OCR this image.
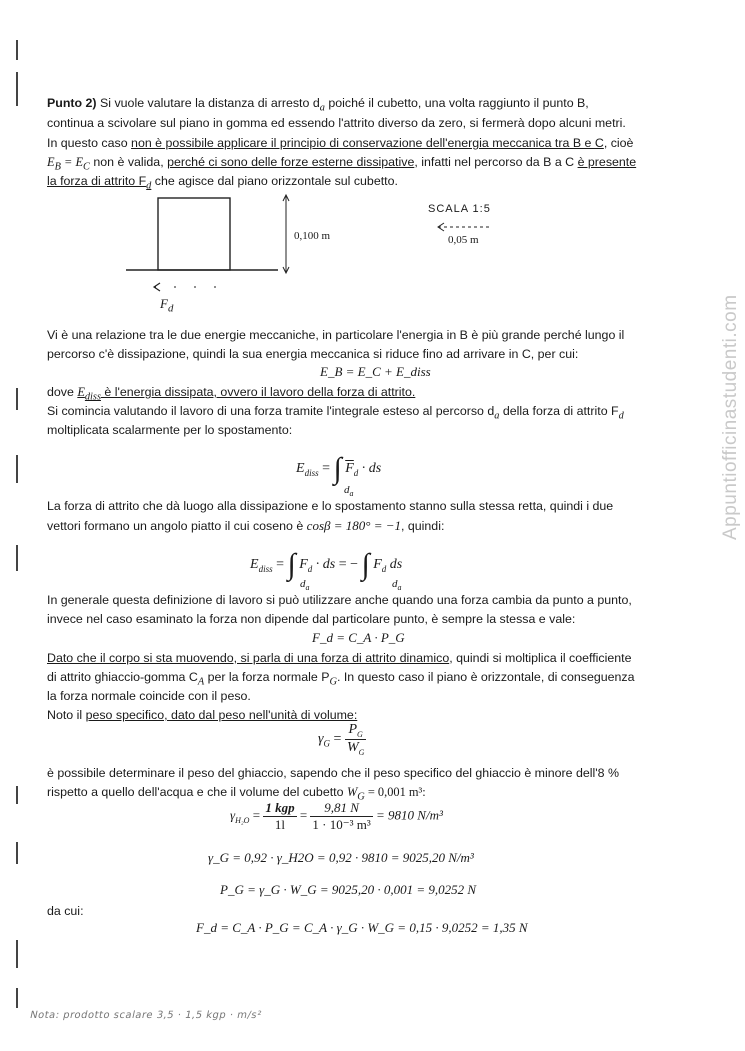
Appuntiofficinastudenti.com
Punto 2) Si vuole valutare la distanza di arresto $d_a$ poiché il cubetto, una volta raggiunto il punto B,
continua a scivolare sul piano in gomma ed essendo l'attrito diverso da zero, si fermerà dopo alcuni metri.
In questo caso non è possibile applicare il principio di conservazione dell'energia meccanica tra B e C, cioè
$E_B = E_C$ non è valida, perché ci sono delle forze esterne dissipative, infatti nel percorso da B a C è presente
la forza di attrito $F_d$ che agisce dal piano orizzontale sul cubetto.
0,100 m
$F_d$
SCALA 1:5
0,05 m
Vi è una relazione tra le due energie meccaniche, in particolare l'energia in B è più grande perché lungo il
percorso c'è dissipazione, quindi la sua energia meccanica si riduce fino ad arrivare in C, per cui:
E_B = E_C + E_diss
dove $E_{diss}$ è l'energia dissipata, ovvero il lavoro della forza di attrito.
Si comincia valutando il lavoro di una forza tramite l'integrale esteso al percorso $d_a$ della forza di attrito $F_d$
moltiplicata scalarmente per lo spostamento:
$E_{diss}$ = ∫ $\overline{F}_d$ · ds
$d_a$
La forza di attrito che dà luogo alla dissipazione e lo spostamento stanno sulla stessa retta, quindi i due
vettori formano un angolo piatto il cui coseno è cosβ = 180° = −1, quindi:
$E_{diss}$ = ∫ $F_d$ · ds = − ∫ $F_d$ ds
$d_a$	$d_a$
In generale questa definizione di lavoro si può utilizzare anche quando una forza cambia da punto a punto,
invece nel caso esaminato la forza non dipende dal particolare punto, è sempre la stessa e vale:
F_d = C_A · P_G
Dato che il corpo si sta muovendo, si parla di una forza di attrito dinamico, quindi si moltiplica il coefficiente
di attrito ghiaccio-gomma $C_A$ per la forza normale $P_G$. In questo caso il piano è orizzontale, di conseguenza
la forza normale coincide con il peso.
Noto il peso specifico, dato dal peso nell'unità di volume:
$\gamma_G = \frac{P_G}{W_G}$
è possibile determinare il peso del ghiaccio, sapendo che il peso specifico del ghiaccio è minore dell'8 %
rispetto a quello dell'acqua e che il volume del cubetto $W_G = 0,001$ m³:
$\gamma_{H_2O} = \frac{\text{1 kgp}}{1l} = \frac{9,81 N}{\text{1 · 10⁻³ m³}} = 9810$ N/m³
γ_G = 0,92 · γ_H2O = 0,92 · 9810 = 9025,20 N/m³
P_G = γ_G · W_G = 9025,20 · 0,001 = 9,0252 N
da cui:
F_d = C_A · P_G = C_A · γ_G · W_G = 0,15 · 9,0252 = 1,35 N
Nota: prodotto scalare 3,5 · 1,5 kgp · m/s²
